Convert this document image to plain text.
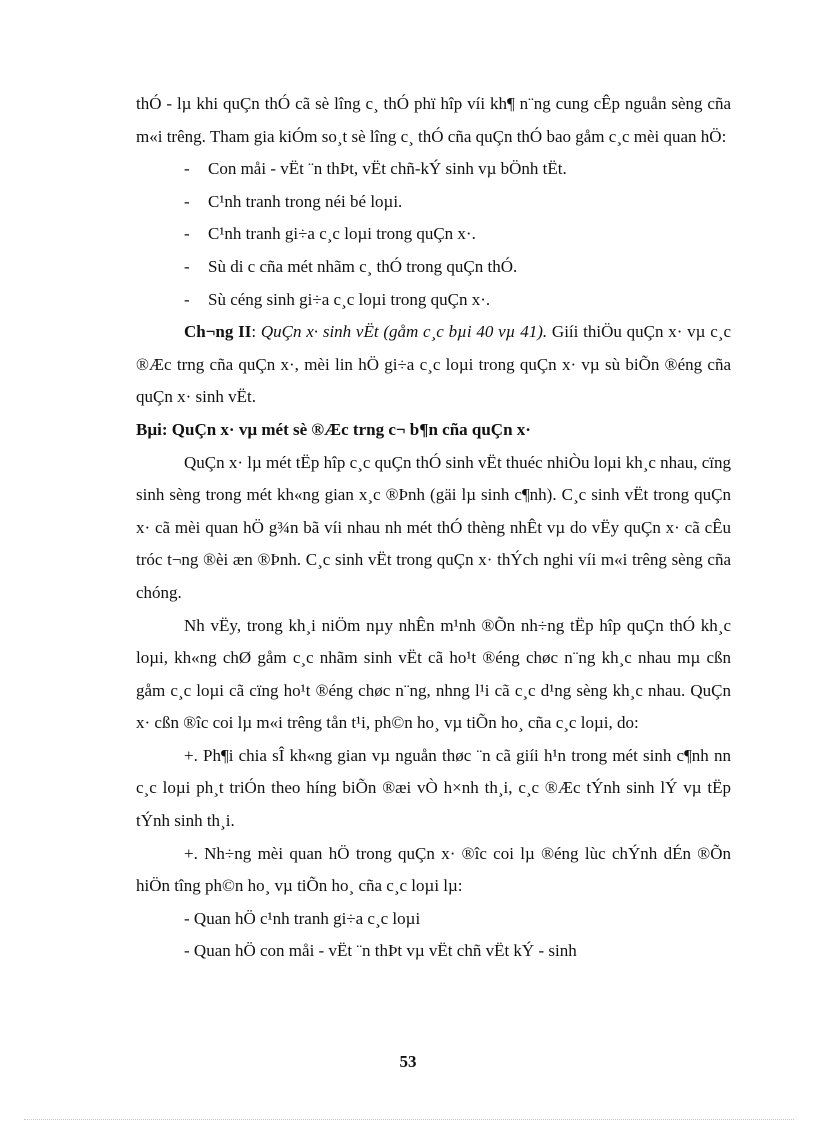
thÓ - lµ khi quÇn thÓ cã sè lîng c¸ thÓ phï hîp víi kh¶ n¨ng cung cÊp nguån sèng cña m«i trêng. Tham gia kiÓm so¸t sè lîng c¸ thÓ cña quÇn thÓ bao gåm c¸c mèi quan hÖ:

-	Con måi - vËt ¨n thÞt, vËt chñ-kÝ sinh vµ bÖnh tËt.
-	C¹nh tranh trong néi bé loµi.
-	C¹nh tranh gi÷a c¸c loµi trong quÇn x·.
-	Sù di c cña mét nhãm c¸ thÓ trong quÇn thÓ.
-	Sù céng sinh gi÷a c¸c loµi trong quÇn x·.

Ch¬ng II: QuÇn x· sinh vËt (gåm c¸c bµi 40 vµ 41). Giíi thiÖu quÇn x· vµ c¸c ®Æc trng cña quÇn x·, mèi lin hÖ gi÷a c¸c loµi trong quÇn x· vµ sù biÕn ®éng cña quÇn x· sinh vËt.

Bµi: QuÇn x· vµ mét sè ®Æc trng c¬ b¶n cña quÇn x·

QuÇn x· lµ mét tËp hîp c¸c quÇn thÓ sinh vËt thuéc nhiÒu loµi kh¸c nhau, cïng sinh sèng trong mét kh«ng gian x¸c ®Þnh (gäi lµ sinh c¶nh). C¸c sinh vËt trong quÇn x· cã mèi quan hÖ g¾n bã víi nhau nh mét thÓ thèng nhÊt vµ do vËy quÇn x· cã cÊu tróc t¬ng ®èi æn ®Þnh. C¸c sinh vËt trong quÇn x· thÝch nghi víi m«i trêng sèng cña chóng.

Nh vËy, trong kh¸i niÖm nµy nhÊn m¹nh ®Õn nh÷ng tËp hîp quÇn thÓ kh¸c loµi, kh«ng chØ gåm c¸c nhãm sinh vËt cã ho¹t ®éng chøc n¨ng kh¸c nhau mµ cßn gåm c¸c loµi cã cïng ho¹t ®éng chøc n¨ng, nhng l¹i cã c¸c d¹ng sèng kh¸c nhau. QuÇn x· cßn ®îc coi lµ m«i trêng tån t¹i, ph©n ho¸ vµ tiÕn ho¸ cña c¸c loµi, do:

+. Ph¶i chia sÎ kh«ng gian vµ nguån thøc ¨n cã giíi h¹n trong mét sinh c¶nh nn c¸c loµi ph¸t triÓn theo híng biÕn ®æi vÒ h×nh th¸i, c¸c ®Æc tÝnh sinh lÝ vµ tËp tÝnh sinh th¸i.

+. Nh÷ng mèi quan hÖ trong quÇn x· ®îc coi lµ ®éng lùc chÝnh dÉn ®Õn hiÖn tîng ph©n ho¸ vµ tiÕn ho¸ cña c¸c loµi lµ:

- Quan hÖ c¹nh tranh gi÷a c¸c loµi

- Quan hÖ con måi - vËt ¨n thÞt vµ vËt chñ vËt kÝ - sinh

53
